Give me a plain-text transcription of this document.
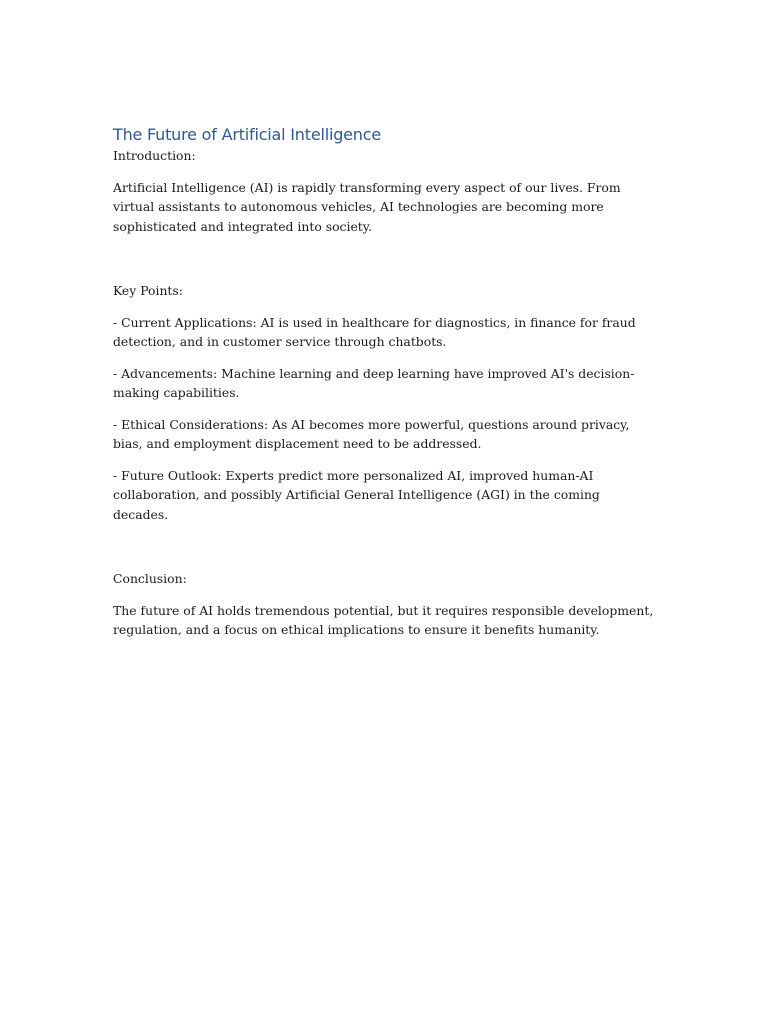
The Future of Artificial Intelligence

Introduction:

Artificial Intelligence (AI) is rapidly transforming every aspect of our lives. From virtual assistants to autonomous vehicles, AI technologies are becoming more sophisticated and integrated into society.

Key Points:

- Current Applications: AI is used in healthcare for diagnostics, in finance for fraud detection, and in customer service through chatbots.

- Advancements: Machine learning and deep learning have improved AI's decision-making capabilities.

- Ethical Considerations: As AI becomes more powerful, questions around privacy, bias, and employment displacement need to be addressed.

- Future Outlook: Experts predict more personalized AI, improved human-AI collaboration, and possibly Artificial General Intelligence (AGI) in the coming decades.

Conclusion:

The future of AI holds tremendous potential, but it requires responsible development, regulation, and a focus on ethical implications to ensure it benefits humanity.
